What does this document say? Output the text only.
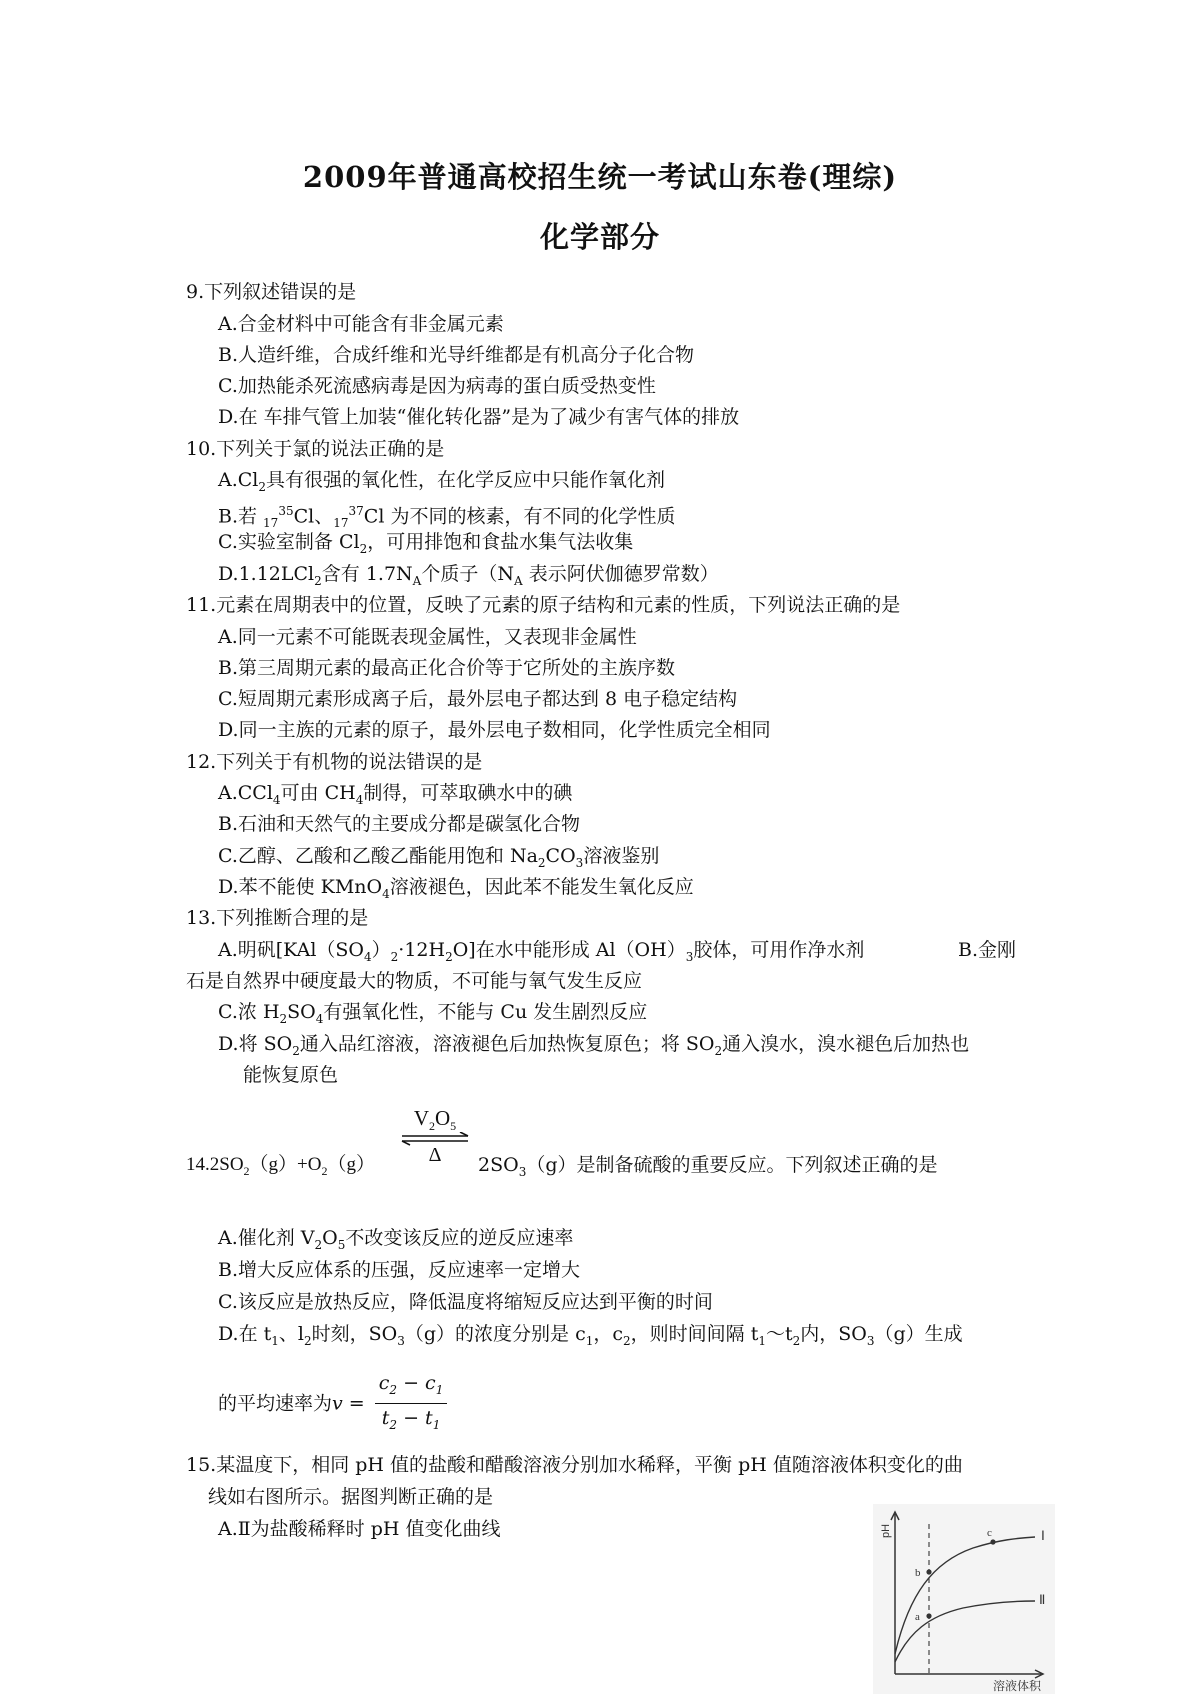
2009年普通高校招生统一考试山东卷(理综)
化学部分
9.下列叙述错误的是
A.合金材料中可能含有非金属元素
B.人造纤维，合成纤维和光导纤维都是有机高分子化合物
C.加热能杀死流感病毒是因为病毒的蛋白质受热变性
D.在 车排气管上加装“催化转化器”是为了减少有害气体的排放
10.下列关于氯的说法正确的是
$A.Cl_2$具有很强的氧化性，在化学反应中只能作氧化剂
B.若 $_{17}^{35}$Cl、$_{17}^{37}$Cl 为不同的核素，有不同的化学性质
C.实验室制备 $Cl_2$，可用排饱和食盐水集气法收集
D.1.12LCl$_2$含有 $1.7N_A$个质子（$N_A$ 表示阿伏伽德罗常数）
11.元素在周期表中的位置，反映了元素的原子结构和元素的性质，下列说法正确的是
A.同一元素不可能既表现金属性，又表现非金属性
B.第三周期元素的最高正化合价等于它所处的主族序数
C.短周期元素形成离子后，最外层电子都达到 8 电子稳定结构
D.同一主族的元素的原子，最外层电子数相同，化学性质完全相同
12.下列关于有机物的说法错误的是
A.CCl$_4$可由 $CH_4$制得，可萃取碘水中的碘
B.石油和天然气的主要成分都是碳氢化合物
C.乙醇、乙酸和乙酸乙酯能用饱和 $Na_2CO_3$溶液鉴别
D.苯不能使 KMnO$_4$溶液褪色，因此苯不能发生氧化反应
13.下列推断合理的是
A.明矾$[KAl(SO_4)_2\cdot 12H_2O]$在水中能形成 $Al(OH)_3$胶体，可用作净水剂	B.金刚
石是自然界中硬度最大的物质，不可能与氧气发生反应
C.浓 $H_2SO_4$有强氧化性，不能与 Cu 发生剧烈反应
D.将 $SO_2$通入品红溶液，溶液褪色后加热恢复原色；将 $SO_2$通入溴水，溴水褪色后加热也
能恢复原色
$V_2O_5$
Δ
$14.2SO_2(g)+O_2(g)$	$2SO_3(g)$是制备硫酸的重要反应。下列叙述正确的是
A.催化剂 $V_2O_5$不改变该反应的逆反应速率
B.增大反应体系的压强，反应速率一定增大
C.该反应是放热反应，降低温度将缩短反应达到平衡的时间
D.在 $t_1$、$l_2$时刻，$SO_3(g)$的浓度分别是 $c_1$，$c_2$，则时间间隔 $t_1\sim t_2$内，$SO_3(g)$生成
的平均速率为$v = \frac{c_2 - c_1}{t_2 - t_1}$
15.某温度下，相同 pH 值的盐酸和醋酸溶液分别加水稀释，平衡 pH 值随溶液体积变化的曲
线如右图所示。据图判断正确的是
A.Ⅱ为盐酸稀释时 pH 值变化曲线	pH
溶液体积
Ⅰ
Ⅱ
a
b
c
